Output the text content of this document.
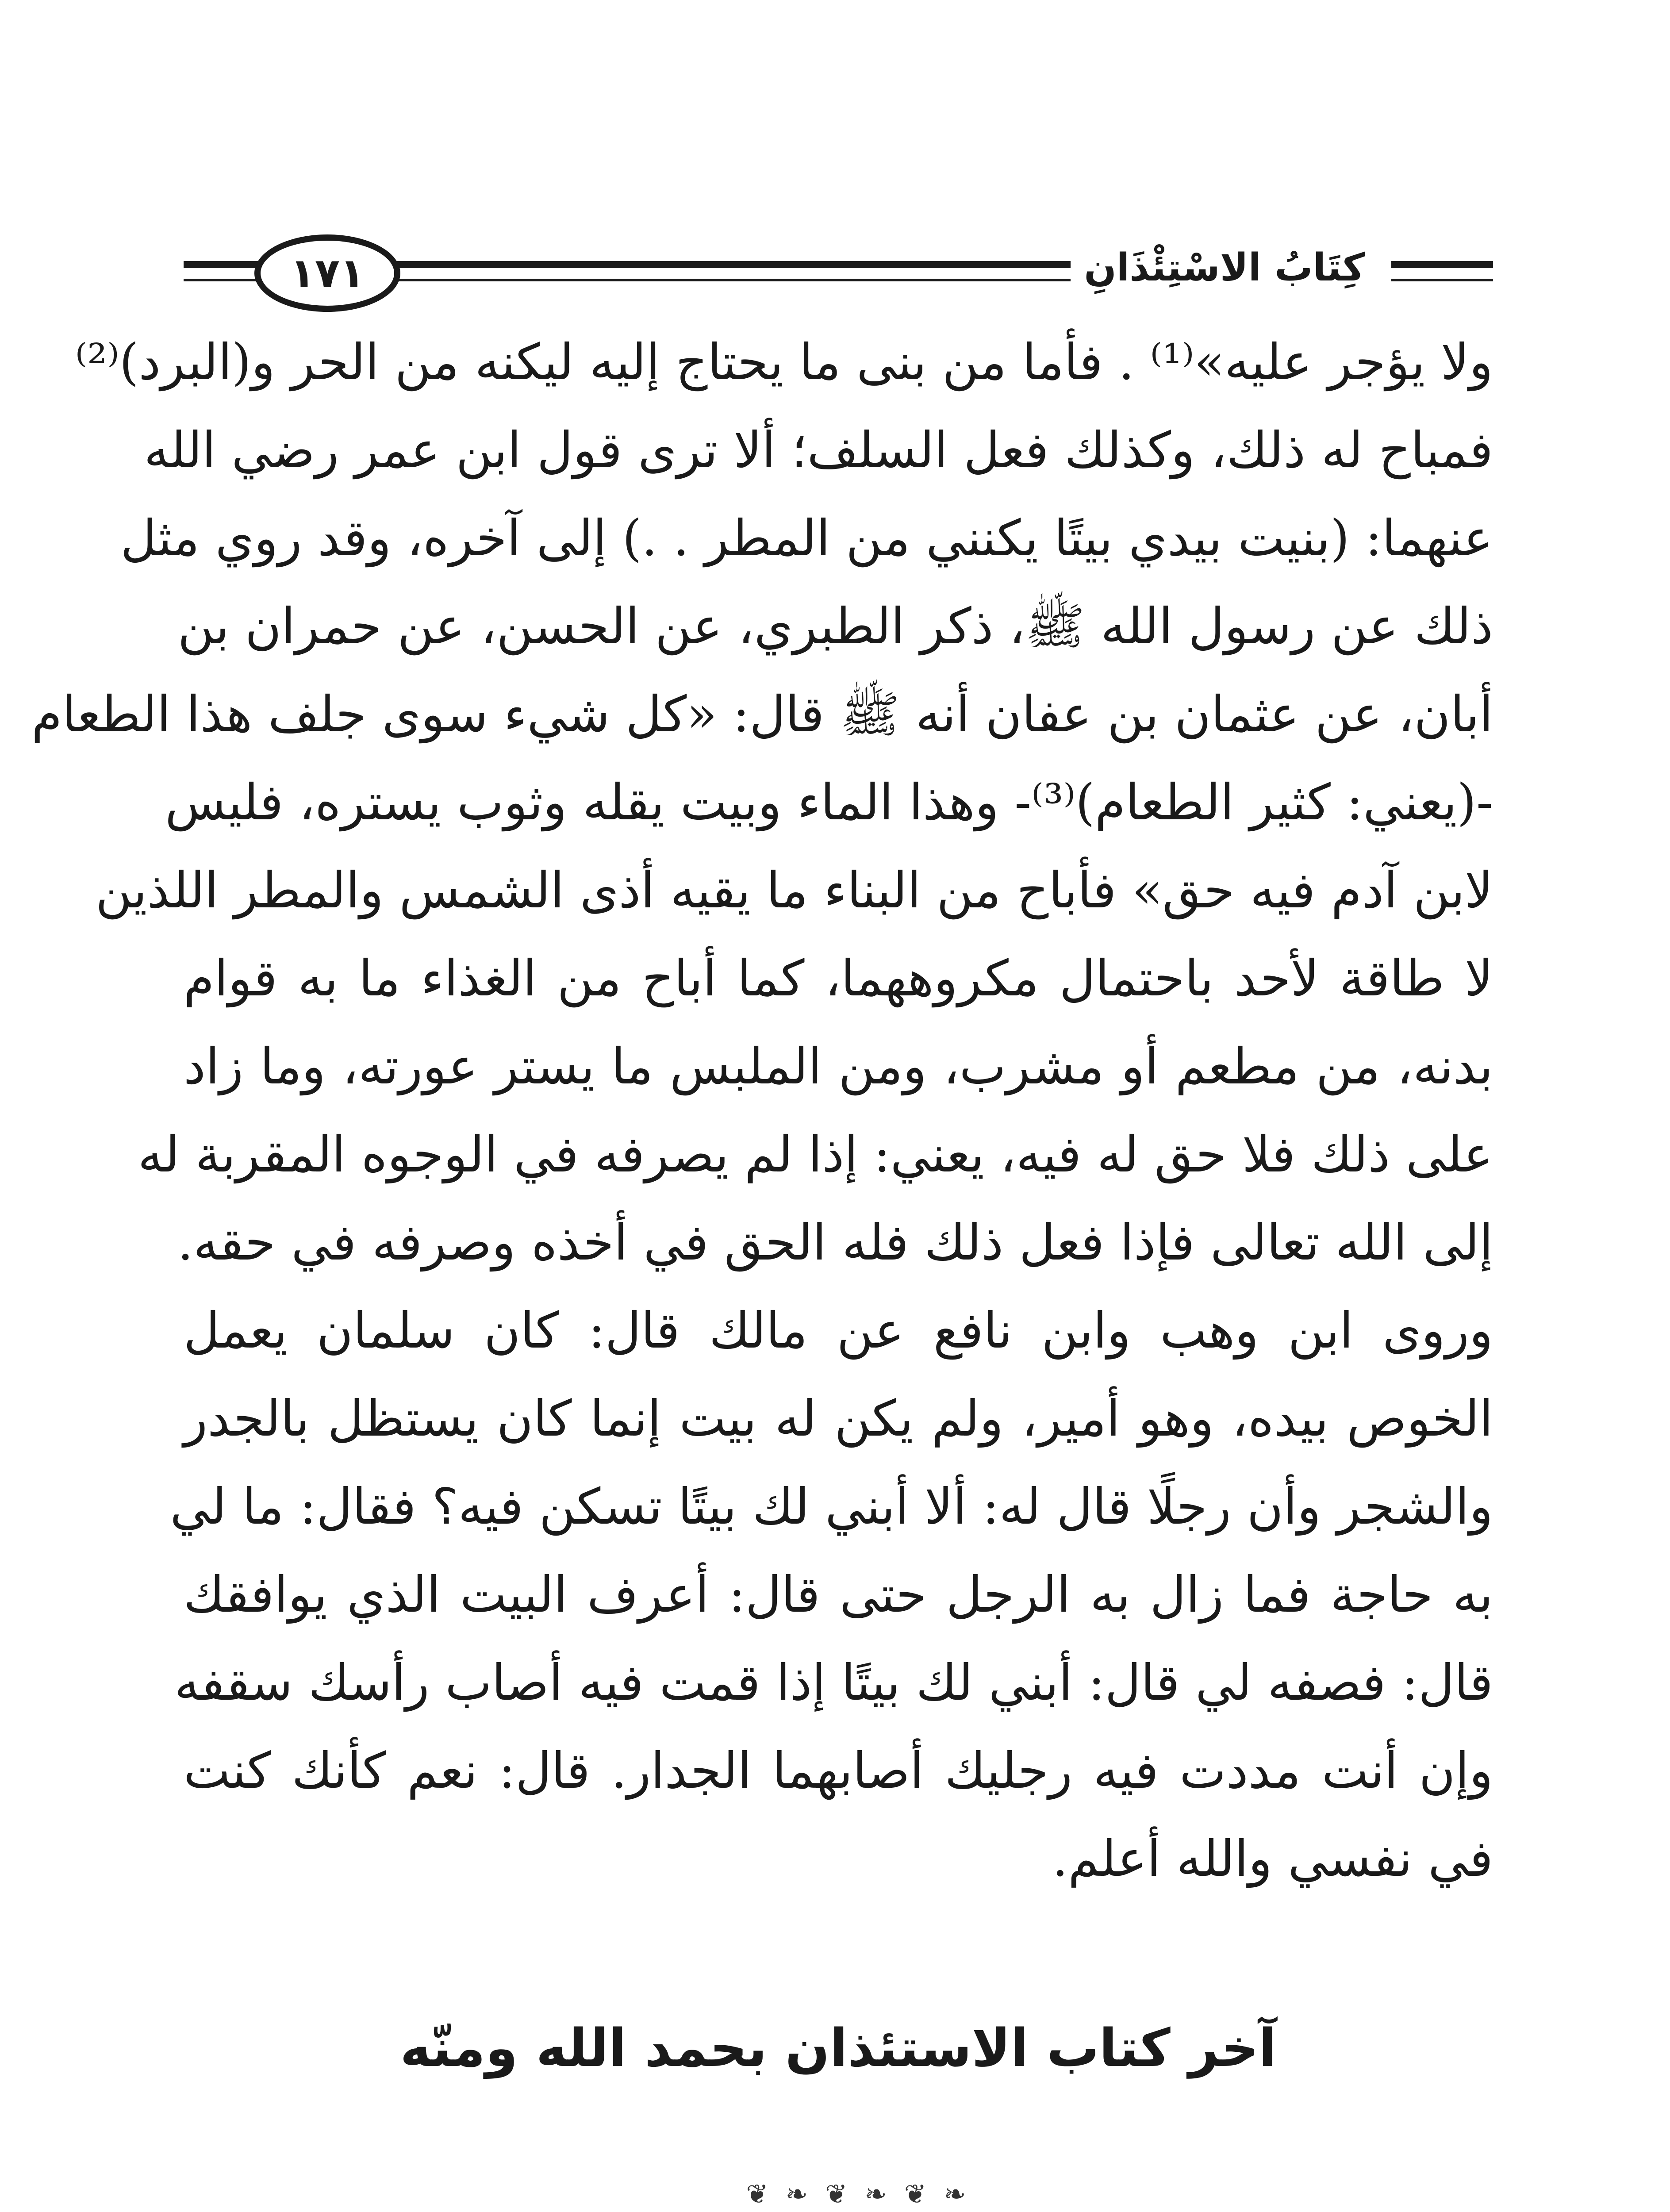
١٧١	كِتَابُ الاسْتِئْذَانِ
ولا يؤجر عليه»⁽¹⁾ . فأما من بنى ما يحتاج إليه ليكنه من الحر و(البرد)⁽²⁾
فمباح له ذلك، وكذلك فعل السلف؛ ألا ترى قول ابن عمر رضي الله
عنهما: (بنيت بيدي بيتًا يكنني من المطر . .) إلى آخره، وقد روي مثل
ذلك عن رسول الله ﷺ، ذكر الطبري، عن الحسن، عن حمران بن
أبان، عن عثمان بن عفان أنه ﷺ قال: «كل شيء سوى جلف هذا الطعام
-(يعني: كثير الطعام)⁽³⁾- وهذا الماء وبيت يقله وثوب يستره، فليس
لابن آدم فيه حق» فأباح من البناء ما يقيه أذى الشمس والمطر اللذين
لا طاقة لأحد باحتمال مكروههما، كما أباح من الغذاء ما به قوام
بدنه، من مطعم أو مشرب، ومن الملبس ما يستر عورته، وما زاد
على ذلك فلا حق له فيه، يعني: إذا لم يصرفه في الوجوه المقربة له
إلى الله تعالى فإذا فعل ذلك فله الحق في أخذه وصرفه في حقه.
وروى ابن وهب وابن نافع عن مالك قال: كان سلمان يعمل
الخوص بيده، وهو أمير، ولم يكن له بيت إنما كان يستظل بالجدر
والشجر وأن رجلًا قال له: ألا أبني لك بيتًا تسكن فيه؟ فقال: ما لي
به حاجة فما زال به الرجل حتى قال: أعرف البيت الذي يوافقك
قال: فصفه لي قال: أبني لك بيتًا إذا قمت فيه أصاب رأسك سقفه
وإن أنت مددت فيه رجليك أصابهما الجدار. قال: نعم كأنك كنت
في نفسي والله أعلم.
آخر كتاب الاستئذان بحمد الله ومنّه
❦ ❧ ❦ ❧ ❦ ❧
